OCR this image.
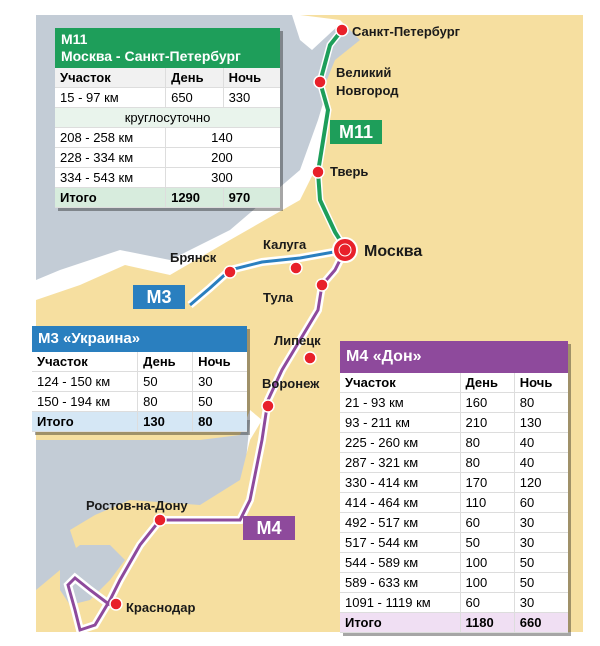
Санкт-Петербург
Великий
Новгород
Тверь
Москва
Калуга
Брянск
Тула
Липецк
Воронеж
Ростов-на-Дону
Краснодар
М11
М3
М4
М11
Москва - Санкт-Петербург
Участок	День	Ночь
15 - 97 км	650	330
круглосуточно		
208 - 258 км	140	
228 - 334 км	200	
334 - 543 км	300	
Итого	1290	970
М3 «Украина»
Участок	День	Ночь
124 - 150 км	50	30
150 - 194 км	80	50
Итого	130	80
М4 «Дон»
Участок	День	Ночь
21 - 93 км	160	80
93 - 211 км	210	130
225 - 260 км	80	40
287 - 321 км	80	40
330 - 414 км	170	120
414 - 464 км	110	60
492 - 517 км	60	30
517 - 544 км	50	30
544 - 589 км	100	50
589 - 633 км	100	50
1091 - 1119 км	60	30
Итого	1180	660
